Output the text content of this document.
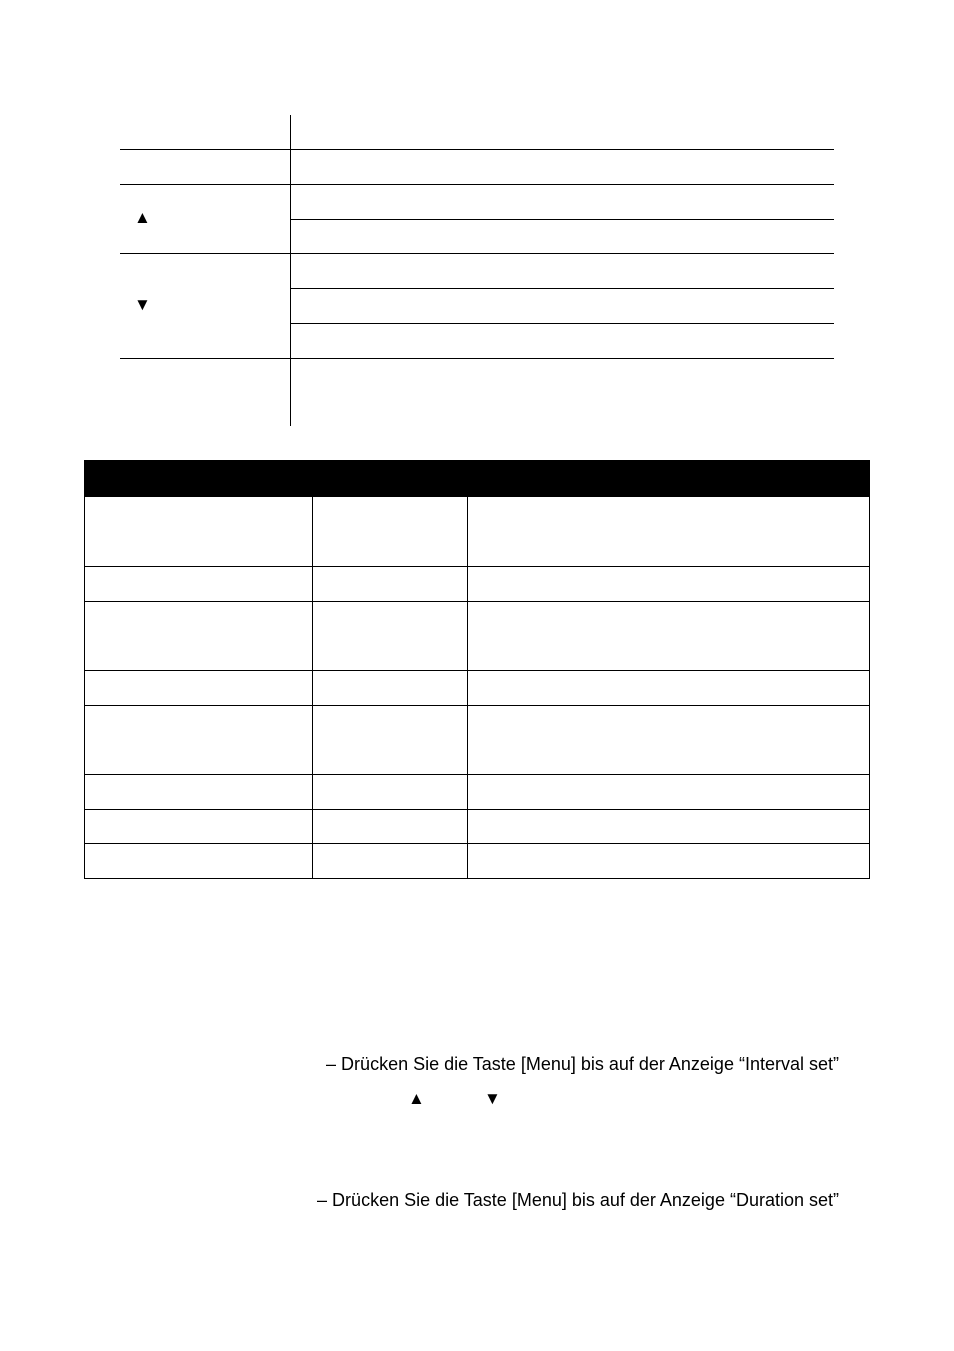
▲
▼
– Drücken Sie die Taste [Menu] bis auf der Anzeige “Interval set”
▲	▼
– Drücken Sie die Taste [Menu] bis auf der Anzeige “Duration set”
